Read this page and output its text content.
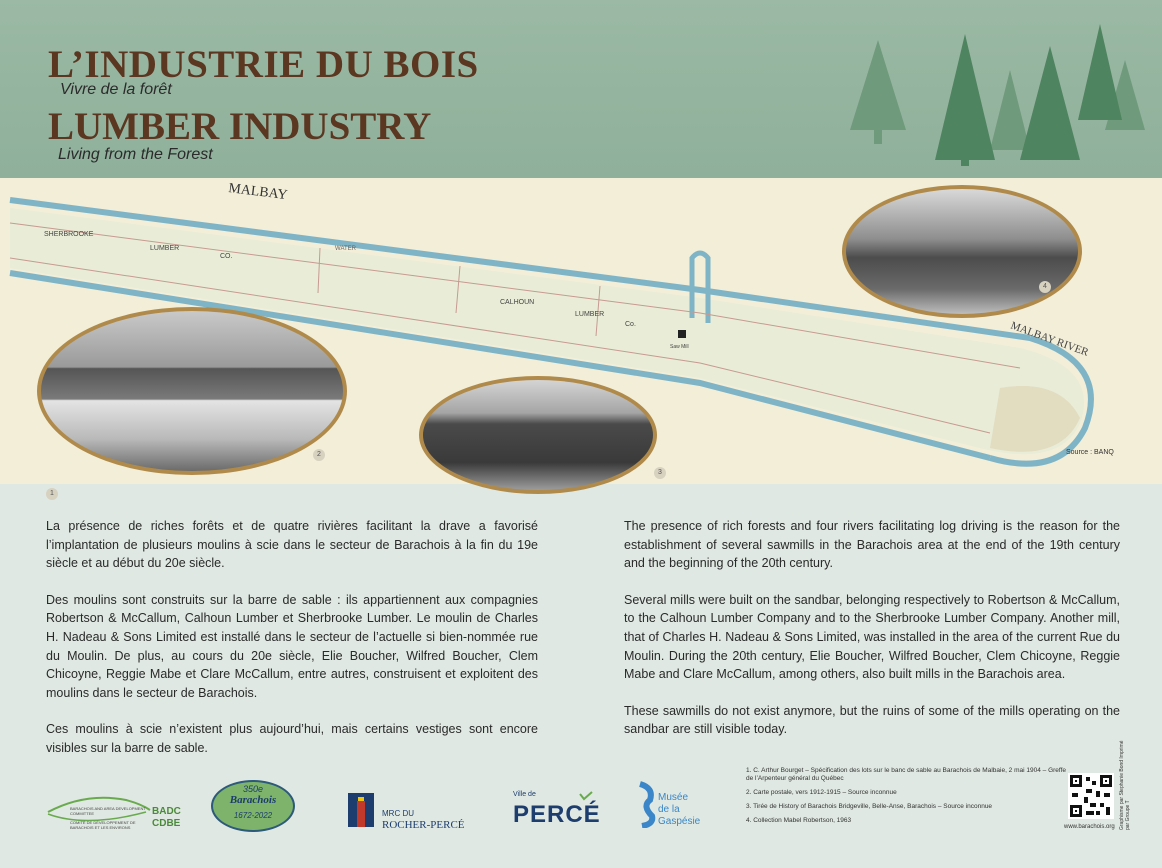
L’INDUSTRIE DU BOIS
Vivre de la forêt
LUMBER INDUSTRY
Living from the Forest
MALBAY
MALBAY RIVER
SHERBROOKE
LUMBER
CO.
CALHOUN
LUMBER
Co.
WATER
Saw Mill
Source : BANQ
1
2
3
4

La présence de riches forêts et de quatre rivières facilitant la drave a favorisé l’implantation de plusieurs moulins à scie dans le secteur de Barachois à la fin du 19e siècle et au début du 20e siècle.

Des moulins sont construits sur la barre de sable : ils appartiennent aux compagnies Robertson & McCallum, Calhoun Lumber et Sherbrooke Lumber. Le moulin de Charles H. Nadeau & Sons Limited est installé dans le secteur de l’actuelle si bien-nommée rue du Moulin. De plus, au cours du 20e siècle, Elie Boucher, Wilfred Boucher, Clem Chicoyne, Reggie Mabe et Clare McCallum, entre autres, construisent et exploitent des moulins dans le secteur de Barachois.

Ces moulins à scie n’existent plus aujourd’hui, mais certains vestiges sont encore visibles sur la barre de sable.

The presence of rich forests and four rivers facilitating log driving is the reason for the establishment of several sawmills in the Barachois area at the end of the 19th century and the beginning of the 20th century.

Several mills were built on the sandbar, belonging respectively to Robertson & McCallum, to the Calhoun Lumber Company and to the Sherbrooke Lumber Company. Another mill, that of Charles H. Nadeau & Sons Limited, was installed in the area of the current Rue du Moulin. During the 20th century, Elie Boucher, Wilfred Boucher, Clem Chicoyne, Reggie Mabe and Clare McCallum, among others, also built mills in the Barachois area.

These sawmills do not exist anymore, but the ruins of some of the mills operating on the sandbar are still visible today.

BADC
CDBE
BARACHOIS AND AREA DEVELOPMENT COMMITTEE
COMITÉ DE DÉVELOPPEMENT DE BARACHOIS ET LES ENVIRONS
350e
Barachois
1672-2022	MRC DU
ROCHER-PERCÉ
Ville de
PERCÉ
Musée
de la
Gaspésie
1. C. Arthur Bourget – Spécification des lots sur le banc de sable au Barachois de Malbaie, 2 mai 1904 – Greffe de l’Arpenteur général du Québec
2. Carte postale, vers 1912-1915 – Source inconnue
3. Tirée de History of Barachois Bridgeville, Belle-Anse, Barachois – Source inconnue
4. Collection Mabel Robertson, 1963
www.barachois.org Graphisme par Stephanie Bond Imprimé par Groupe T
